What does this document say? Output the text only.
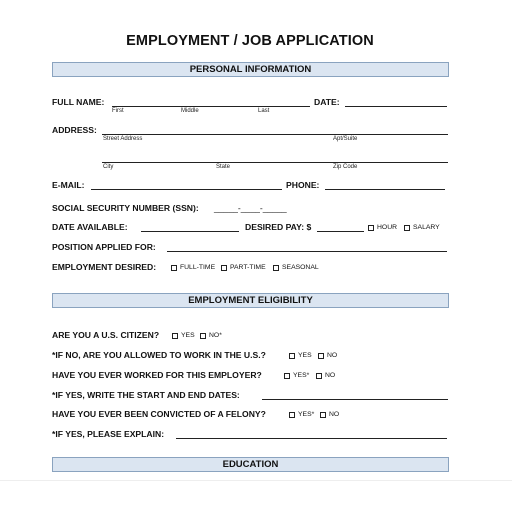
EMPLOYMENT / JOB APPLICATION
PERSONAL INFORMATION
FULL NAME:
First	Middle	Last
DATE:
ADDRESS:
Street Address	Apt/Suite
City	State	Zip Code
E-MAIL:	PHONE:
SOCIAL SECURITY NUMBER (SSN): _____-____-_____
DATE AVAILABLE:	DESIRED PAY: $	HOUR SALARY
POSITION APPLIED FOR:
EMPLOYMENT DESIRED:	FULL-TIME PART-TIME SEASONAL
EMPLOYMENT ELIGIBILITY
ARE YOU A U.S. CITIZEN?	YES NO*
*IF NO, ARE YOU ALLOWED TO WORK IN THE U.S.?	YES NO
HAVE YOU EVER WORKED FOR THIS EMPLOYER?	YES* NO
*IF YES, WRITE THE START AND END DATES:
HAVE YOU EVER BEEN CONVICTED OF A FELONY?	YES* NO
*IF YES, PLEASE EXPLAIN:
EDUCATION
